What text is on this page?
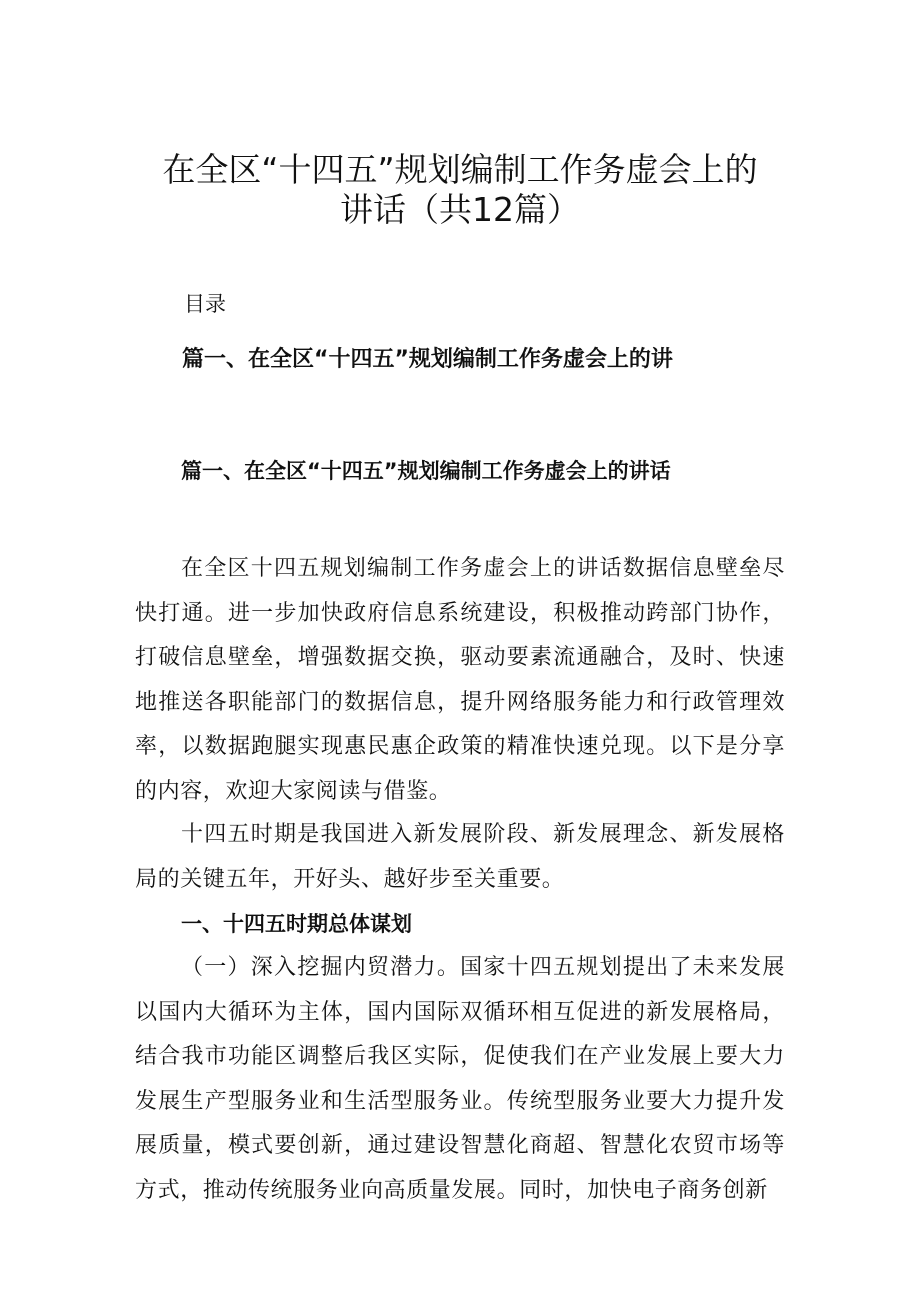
在全区“十四五”规划编制工作务虚会上的
讲话（共12篇）
目录
篇一、在全区“十四五”规划编制工作务虚会上的讲
篇一、在全区“十四五”规划编制工作务虚会上的讲话

在全区十四五规划编制工作务虚会上的讲话数据信息壁垒尽快打通。进一步加快政府信息系统建设，积极推动跨部门协作，打破信息壁垒，增强数据交换，驱动要素流通融合，及时、快速地推送各职能部门的数据信息，提升网络服务能力和行政管理效率，以数据跑腿实现惠民惠企政策的精准快速兑现。以下是分享的内容，欢迎大家阅读与借鉴。

十四五时期是我国进入新发展阶段、新发展理念、新发展格局的关键五年，开好头、越好步至关重要。

一、十四五时期总体谋划

（一）深入挖掘内贸潜力。国家十四五规划提出了未来发展以国内大循环为主体，国内国际双循环相互促进的新发展格局，结合我市功能区调整后我区实际，促使我们在产业发展上要大力发展生产型服务业和生活型服务业。传统型服务业要大力提升发展质量，模式要创新，通过建设智慧化商超、智慧化农贸市场等方式，推动传统服务业向高质量发展。同时，加快电子商务创新
